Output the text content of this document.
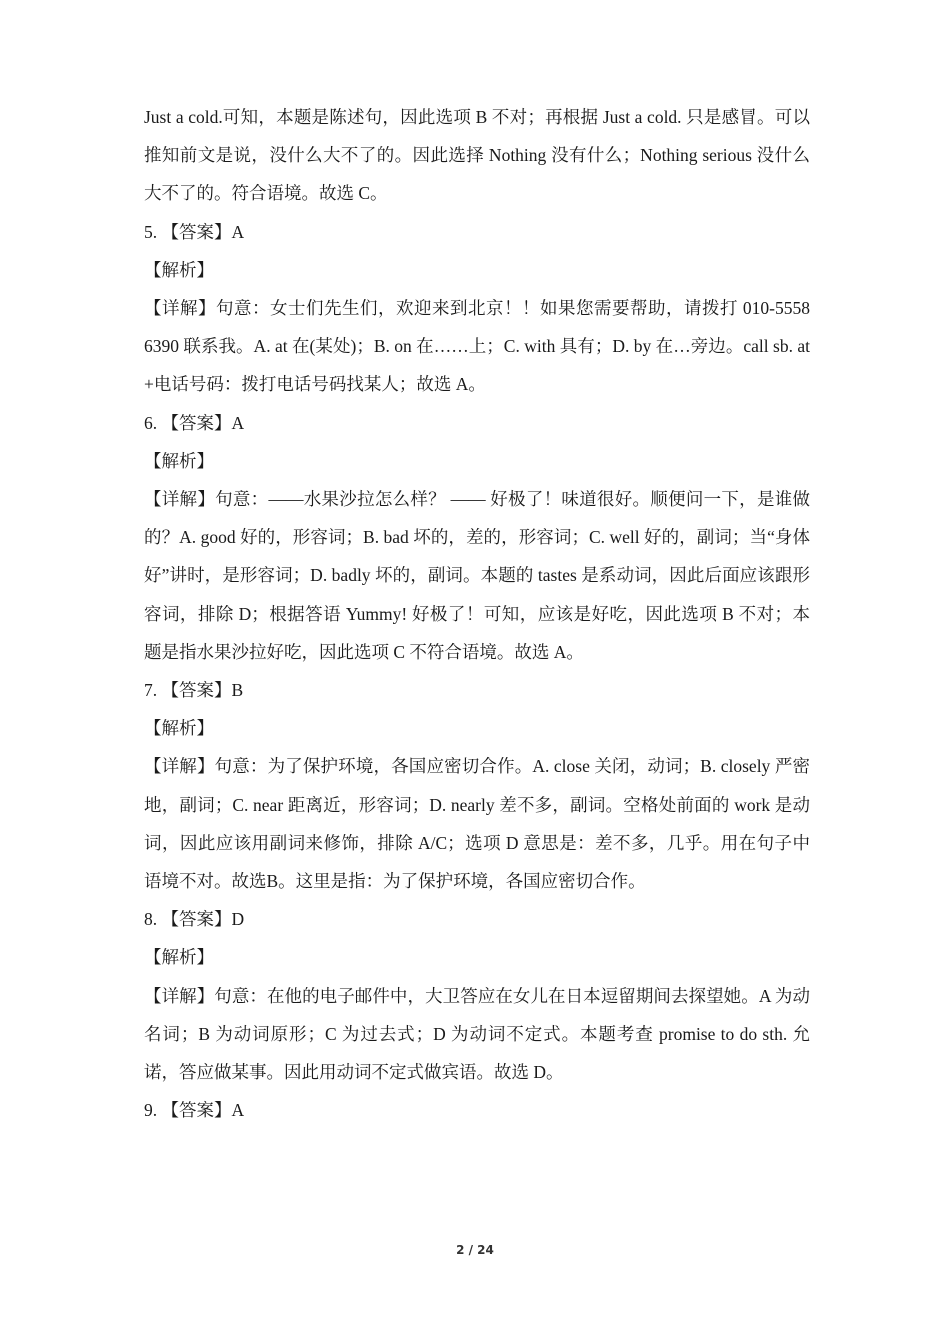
Just a cold.可知，本题是陈述句，因此选项 B 不对；再根据 Just a cold. 只是感冒。可以推知前文是说，没什么大不了的。因此选择 Nothing 没有什么；Nothing serious 没什么大不了的。符合语境。故选 C。

5. 【答案】A

【解析】

【详解】句意：女士们先生们，欢迎来到北京！！如果您需要帮助，请拨打 010-5558 6390 联系我。A. at 在(某处)；B. on 在……上；C. with 具有；D. by 在…旁边。call sb. at +电话号码：拨打电话号码找某人；故选 A。

6. 【答案】A

【解析】

【详解】句意：——水果沙拉怎么样？ —— 好极了！味道很好。顺便问一下，是谁做的？A. good 好的，形容词；B. bad 坏的，差的，形容词；C. well 好的，副词；当“身体好”讲时，是形容词；D. badly 坏的，副词。本题的 tastes 是系动词，因此后面应该跟形容词，排除 D；根据答语 Yummy! 好极了！可知，应该是好吃，因此选项 B 不对；本题是指水果沙拉好吃，因此选项 C 不符合语境。故选 A。

7. 【答案】B

【解析】

【详解】句意：为了保护环境，各国应密切合作。A. close 关闭，动词；B. closely 严密地，副词；C. near 距离近，形容词；D. nearly 差不多，副词。空格处前面的 work 是动词，因此应该用副词来修饰，排除 A/C；选项 D 意思是：差不多，几乎。用在句子中语境不对。故选B。这里是指：为了保护环境，各国应密切合作。

8. 【答案】D

【解析】

【详解】句意：在他的电子邮件中，大卫答应在女儿在日本逗留期间去探望她。A 为动名词；B 为动词原形；C 为过去式；D 为动词不定式。本题考查 promise to do sth. 允诺，答应做某事。因此用动词不定式做宾语。故选 D。

9. 【答案】A

2 / 24
